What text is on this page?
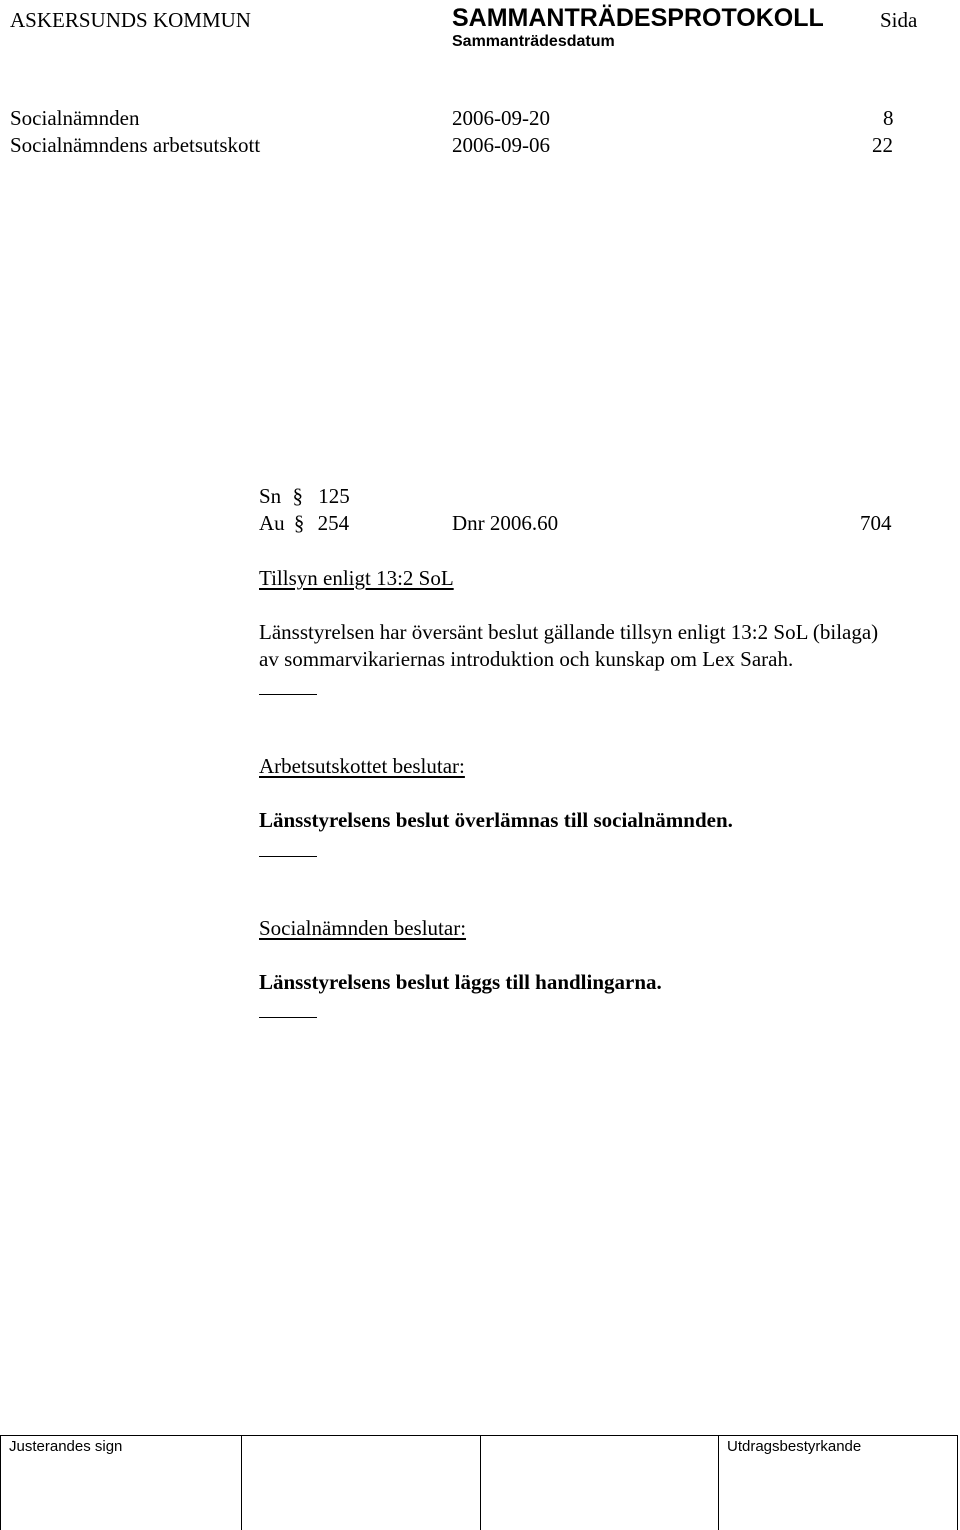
ASKERSUNDS KOMMUN	SAMMANTRÄDESPROTOKOLL	Sida
Sammanträdesdatum
Socialnämnden	2006-09-20	8
Socialnämndens arbetsutskott	2006-09-06	22
Sn § 125
Au § 254	Dnr 2006.60	704
Tillsyn enligt 13:2 SoL
Länsstyrelsen har översänt beslut gällande tillsyn enligt 13:2 SoL (bilaga)
av sommarvikariernas introduktion och kunskap om Lex Sarah.
Arbetsutskottet beslutar:
Länsstyrelsens beslut överlämnas till socialnämnden.
Socialnämnden beslutar:
Länsstyrelsens beslut läggs till handlingarna.
Justerandes sign	Utdragsbestyrkande
